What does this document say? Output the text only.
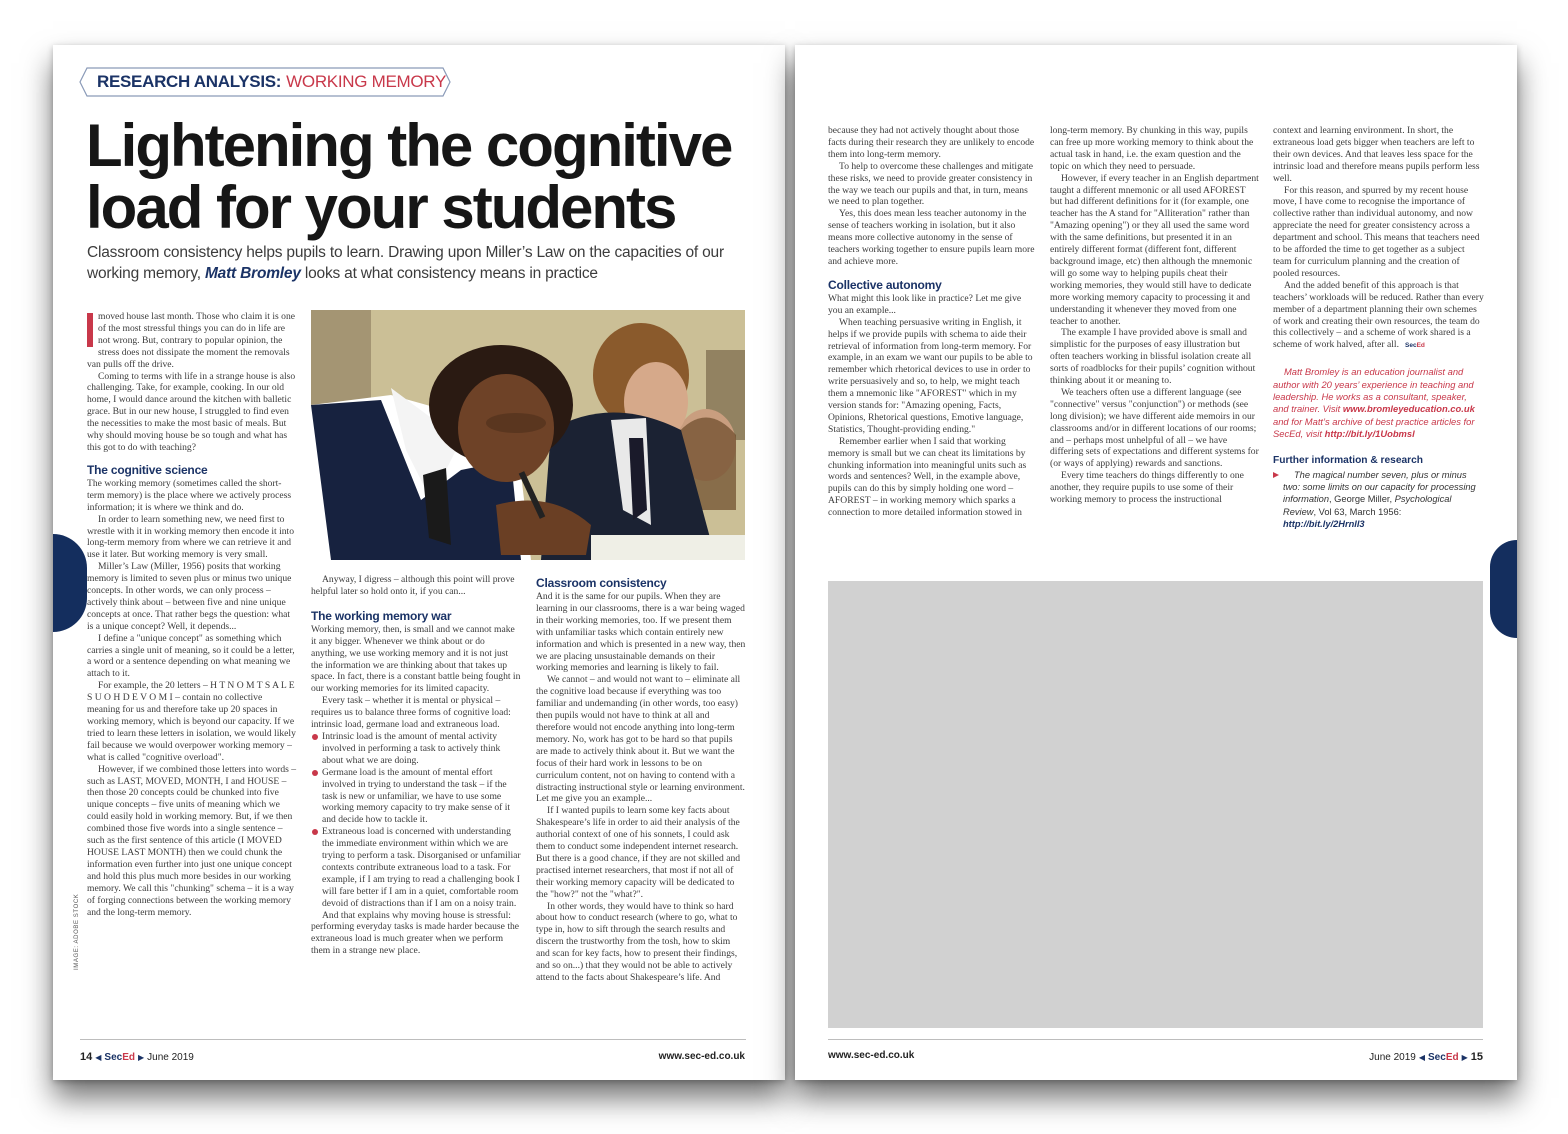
RESEARCH ANALYSIS: WORKING MEMORY
Lightening the cognitive
load for your students

Classroom consistency helps pupils to learn. Drawing upon Miller’s Law on the capacities of our working memory, Matt Bromley looks at what consistency means in practice

moved house last month. Those who claim it is one of the most stressful things you can do in life are not wrong. But, contrary to popular opinion, the stress does not dissipate the moment the removals van pulls off the drive.

Coming to terms with life in a strange house is also challenging. Take, for example, cooking. In our old home, I would dance around the kitchen with balletic grace. But in our new house, I struggled to find even the necessities to make the most basic of meals. But why should moving house be so tough and what has this got to do with teaching?

The cognitive science

The working memory (sometimes called the short-term memory) is the place where we actively process information; it is where we think and do.

In order to learn something new, we need first to wrestle with it in working memory then encode it into long-term memory from where we can retrieve it and use it later. But working memory is very small.

Miller’s Law (Miller, 1956) posits that working memory is limited to seven plus or minus two unique concepts. In other words, we can only process – actively think about – between five and nine unique concepts at once. That rather begs the question: what is a unique concept? Well, it depends...

I define a "unique concept" as something which carries a single unit of meaning, so it could be a letter, a word or a sentence depending on what meaning we attach to it.

For example, the 20 letters – H T N O M T S A L E S U O H D E V O M I – contain no collective meaning for us and therefore take up 20 spaces in working memory, which is beyond our capacity. If we tried to learn these letters in isolation, we would likely fail because we would overpower working memory – what is called "cognitive overload".

However, if we combined those letters into words – such as LAST, MOVED, MONTH, I and HOUSE – then those 20 concepts could be chunked into five unique concepts – five units of meaning which we could easily hold in working memory. But, if we then combined those five words into a single sentence – such as the first sentence of this article (I MOVED HOUSE LAST MONTH) then we could chunk the information even further into just one unique concept and hold this plus much more besides in our working memory. We call this "chunking" schema – it is a way of forging connections between the working memory and the long-term memory.

Anyway, I digress – although this point will prove helpful later so hold onto it, if you can...

The working memory war

Working memory, then, is small and we cannot make it any bigger. Whenever we think about or do anything, we use working memory and it is not just the information we are thinking about that takes up space. In fact, there is a constant battle being fought in our working memories for its limited capacity.

Every task – whether it is mental or physical – requires us to balance three forms of cognitive load: intrinsic load, germane load and extraneous load.

Intrinsic load is the amount of mental activity involved in performing a task to actively think about what we are doing.
Germane load is the amount of mental effort involved in trying to understand the task – if the task is new or unfamiliar, we have to use some working memory capacity to try make sense of it and decide how to tackle it.
Extraneous load is concerned with understanding the immediate environment within which we are trying to perform a task. Disorganised or unfamiliar contexts contribute extraneous load to a task. For example, if I am trying to read a challenging book I will fare better if I am in a quiet, comfortable room devoid of distractions than if I am on a noisy train.

And that explains why moving house is stressful: performing everyday tasks is made harder because the extraneous load is much greater when we perform them in a strange new place.

Classroom consistency

And it is the same for our pupils. When they are learning in our classrooms, there is a war being waged in their working memories, too. If we present them with unfamiliar tasks which contain entirely new information and which is presented in a new way, then we are placing unsustainable demands on their working memories and learning is likely to fail.

We cannot – and would not want to – eliminate all the cognitive load because if everything was too familiar and undemanding (in other words, too easy) then pupils would not have to think at all and therefore would not encode anything into long-term memory. No, work has got to be hard so that pupils are made to actively think about it. But we want the focus of their hard work in lessons to be on curriculum content, not on having to contend with a distracting instructional style or learning environment. Let me give you an example...

If I wanted pupils to learn some key facts about Shakespeare’s life in order to aid their analysis of the authorial context of one of his sonnets, I could ask them to conduct some independent internet research. But there is a good chance, if they are not skilled and practised internet researchers, that most if not all of their working memory capacity will be dedicated to the "how?" not the "what?".

In other words, they would have to think so hard about how to conduct research (where to go, what to type in, how to sift through the search results and discern the trustworthy from the tosh, how to skim and scan for key facts, how to present their findings, and so on...) that they would not be able to actively attend to the facts about Shakespeare’s life. And

IMAGE: ADOBE STOCK
14 ◀ SecEd ▶ June 2019	www.sec-ed.co.uk

because they had not actively thought about those facts during their research they are unlikely to encode them into long-term memory.

To help to overcome these challenges and mitigate these risks, we need to provide greater consistency in the way we teach our pupils and that, in turn, means we need to plan together.

Yes, this does mean less teacher autonomy in the sense of teachers working in isolation, but it also means more collective autonomy in the sense of teachers working together to ensure pupils learn more and achieve more.

Collective autonomy

What might this look like in practice? Let me give you an example...

When teaching persuasive writing in English, it helps if we provide pupils with schema to aide their retrieval of information from long-term memory. For example, in an exam we want our pupils to be able to remember which rhetorical devices to use in order to write persuasively and so, to help, we might teach them a mnemonic like "AFOREST" which in my version stands for: "Amazing opening, Facts, Opinions, Rhetorical questions, Emotive language, Statistics, Thought-providing ending."

Remember earlier when I said that working memory is small but we can cheat its limitations by chunking information into meaningful units such as words and sentences? Well, in the example above, pupils can do this by simply holding one word – AFOREST – in working memory which sparks a connection to more detailed information stowed in

long-term memory. By chunking in this way, pupils can free up more working memory to think about the actual task in hand, i.e. the exam question and the topic on which they need to persuade.

However, if every teacher in an English department taught a different mnemonic or all used AFOREST but had different definitions for it (for example, one teacher has the A stand for "Alliteration" rather than "Amazing opening") or they all used the same word with the same definitions, but presented it in an entirely different format (different font, different background image, etc) then although the mnemonic will go some way to helping pupils cheat their working memories, they would still have to dedicate more working memory capacity to processing it and understanding it whenever they moved from one teacher to another.

The example I have provided above is small and simplistic for the purposes of easy illustration but often teachers working in blissful isolation create all sorts of roadblocks for their pupils’ cognition without thinking about it or meaning to.

We teachers often use a different language (see "connective" versus "conjunction") or methods (see long division); we have different aide memoirs in our classrooms and/or in different locations of our rooms; and – perhaps most unhelpful of all – we have differing sets of expectations and different systems for (or ways of applying) rewards and sanctions.

Every time teachers do things differently to one another, they require pupils to use some of their working memory to process the instructional

context and learning environment. In short, the extraneous load gets bigger when teachers are left to their own devices. And that leaves less space for the intrinsic load and therefore means pupils perform less well.

For this reason, and spurred by my recent house move, I have come to recognise the importance of collective rather than individual autonomy, and now appreciate the need for greater consistency across a department and school. This means that teachers need to be afforded the time to get together as a subject team for curriculum planning and the creation of pooled resources.

And the added benefit of this approach is that teachers’ workloads will be reduced. Rather than every member of a department planning their own schemes of work and creating their own resources, the team do this collectively – and a scheme of work shared is a scheme of work halved, after all. SecEd

Matt Bromley is an education journalist and author with 20 years’ experience in teaching and leadership. He works as a consultant, speaker, and trainer. Visit www.bromleyeducation.co.uk and for Matt’s archive of best practice articles for SecEd, visit http://bit.ly/1Uobmsl

Further information & research

The magical number seven, plus or minus two: some limits on our capacity for processing information, George Miller, Psychological Review, Vol 63, March 1956: http://bit.ly/2Hrnll3

www.sec-ed.co.uk	June 2019 ◀ SecEd ▶ 15
